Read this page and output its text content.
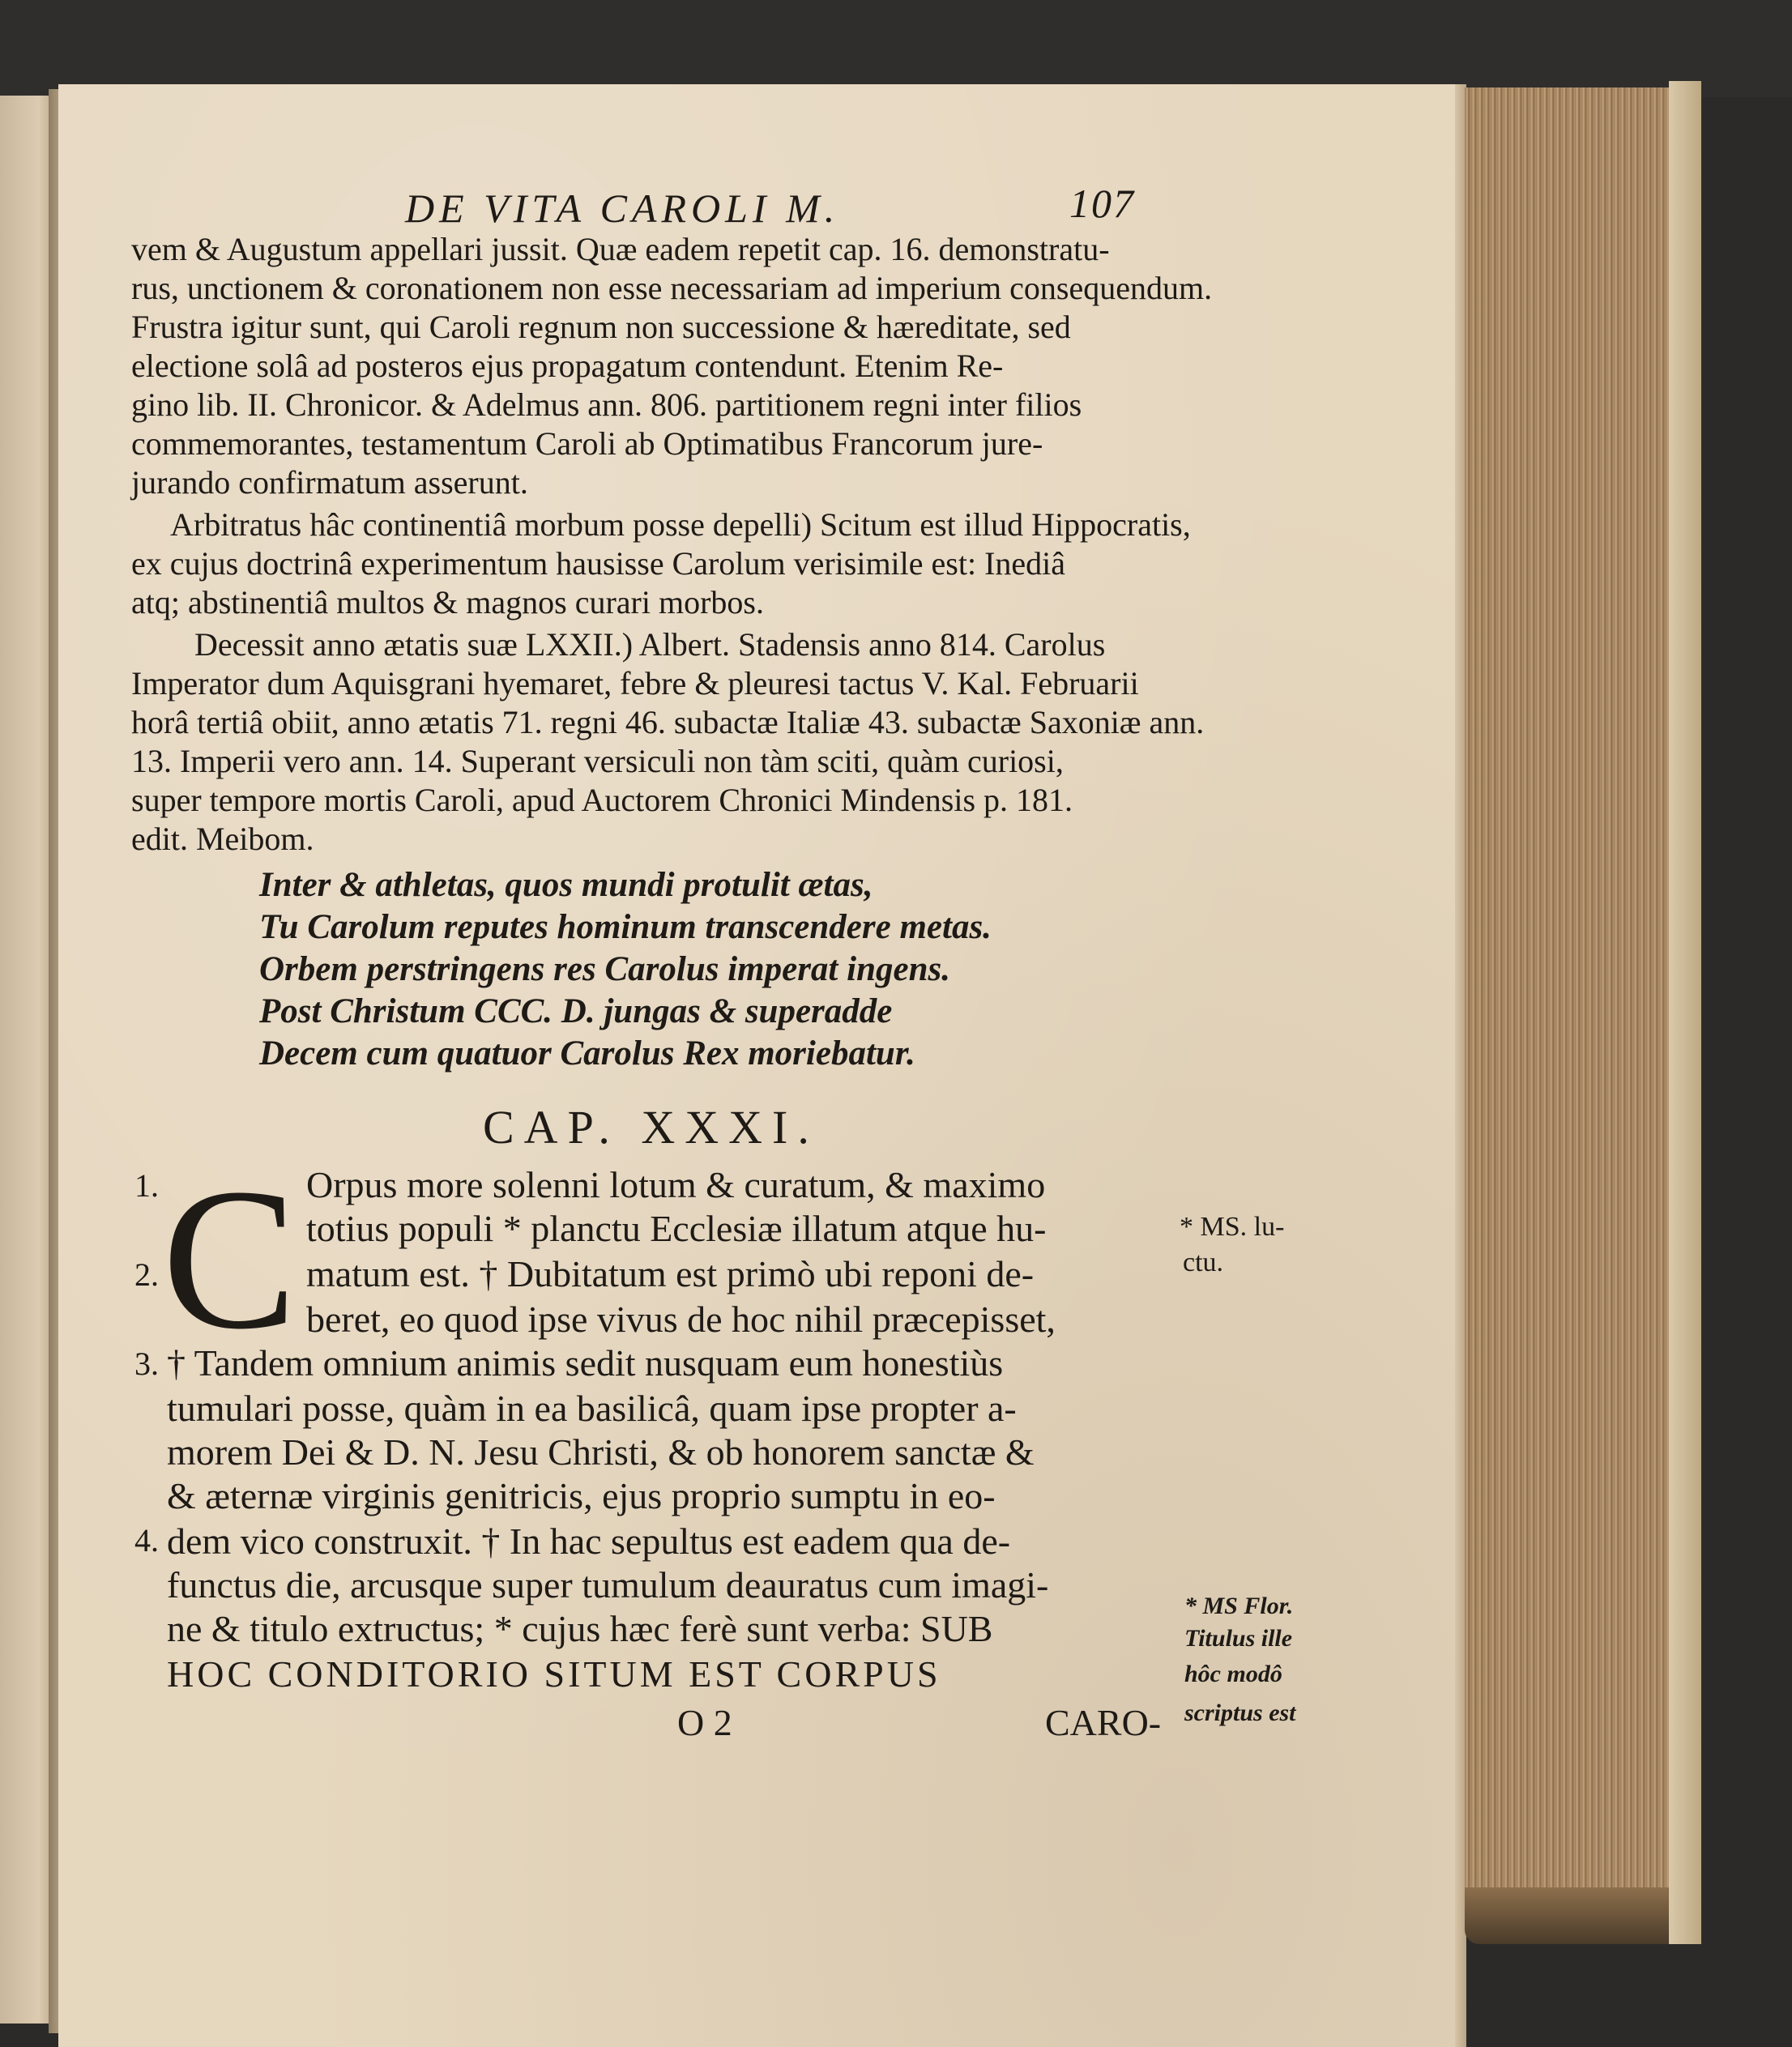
DE VITA CAROLI M.	107

vem & Augustum appellari jussit. Quæ eadem repetit cap. 16. demonstratu-

rus, unctionem & coronationem non esse necessariam ad imperium consequendum.

Frustra igitur sunt, qui Caroli regnum non successione & hæreditate, sed

electione solâ ad posteros ejus propagatum contendunt. Etenim Re-

gino lib. II. Chronicor. & Adelmus ann. 806. partitionem regni inter filios

commemorantes, testamentum Caroli ab Optimatibus Francorum jure-

jurando confirmatum asserunt.

Arbitratus hâc continentiâ morbum posse depelli) Scitum est illud Hippocratis,

ex cujus doctrinâ experimentum hausisse Carolum verisimile est: Inediâ

atq; abstinentiâ multos & magnos curari morbos.

Decessit anno ætatis suæ LXXII.) Albert. Stadensis anno 814. Carolus

Imperator dum Aquisgrani hyemaret, febre & pleuresi tactus V. Kal. Februarii

horâ tertiâ obiit, anno ætatis 71. regni 46. subactæ Italiæ 43. subactæ Saxoniæ ann.

13. Imperii vero ann. 14. Superant versiculi non tàm sciti, quàm curiosi,

super tempore mortis Caroli, apud Auctorem Chronici Mindensis p. 181.

edit. Meibom.

Inter & athletas, quos mundi protulit ætas,

Tu Carolum reputes hominum transcendere metas.

Orbem perstringens res Carolus imperat ingens.

Post Christum CCC. D. jungas & superadde

Decem cum quatuor Carolus Rex moriebatur.

CAP. XXXI.

C

1.

2.

3.

4.

Orpus more solenni lotum & curatum, & maximo

totius populi * planctu Ecclesiæ illatum atque hu-

matum est. † Dubitatum est primò ubi reponi de-

beret, eo quod ipse vivus de hoc nihil præcepisset,

† Tandem omnium animis sedit nusquam eum honestiùs

tumulari posse, quàm in ea basilicâ, quam ipse propter a-

morem Dei & D. N. Jesu Christi, & ob honorem sanctæ &

& æternæ virginis genitricis, ejus proprio sumptu in eo-

dem vico construxit. † In hac sepultus est eadem qua de-

functus die, arcusque super tumulum deauratus cum imagi-

ne & titulo extructus; * cujus hæc ferè sunt verba: SUB

HOC CONDITORIO SITUM EST CORPUS

O 2	CARO-

* MS. lu-

ctu.

* MS Flor.

Titulus ille

hôc modô

scriptus est
